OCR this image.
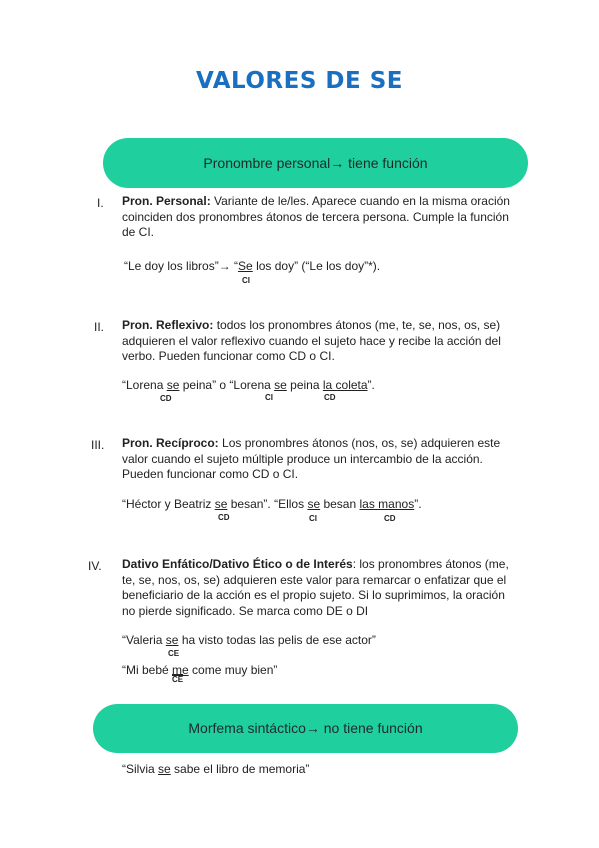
VALORES DE SE
Pronombre personal→ tiene función
I. Pron. Personal: Variante de le/les. Aparece cuando en la misma oración coinciden dos pronombres átonos de tercera persona. Cumple la función de CI.
“Le doy los libros”→ “Se los doy” (“Le los doy”*).
CI
II. Pron. Reflexivo: todos los pronombres átonos (me, te, se, nos, os, se) adquieren el valor reflexivo cuando el sujeto hace y recibe la acción del verbo. Pueden funcionar como CD o CI.
“Lorena se peina” o “Lorena se peina la coleta”.
CD	CI	CD
III. Pron. Recíproco: Los pronombres átonos (nos, os, se) adquieren este valor cuando el sujeto múltiple produce un intercambio de la acción. Pueden funcionar como CD o CI.
“Héctor y Beatriz se besan”. “Ellos se besan las manos”.
CD	CI	CD
IV. Dativo Enfático/Dativo Ético o de Interés: los pronombres átonos (me, te, se, nos, os, se) adquieren este valor para remarcar o enfatizar que el beneficiario de la acción es el propio sujeto. Si lo suprimimos, la oración no pierde significado. Se marca como DE o DI
“Valeria se ha visto todas las pelis de ese actor”
CE
“Mi bebé me come muy bien”
$\overline{CE}$
Morfema sintáctico→ no tiene función
“Silvia se sabe el libro de memoria”
